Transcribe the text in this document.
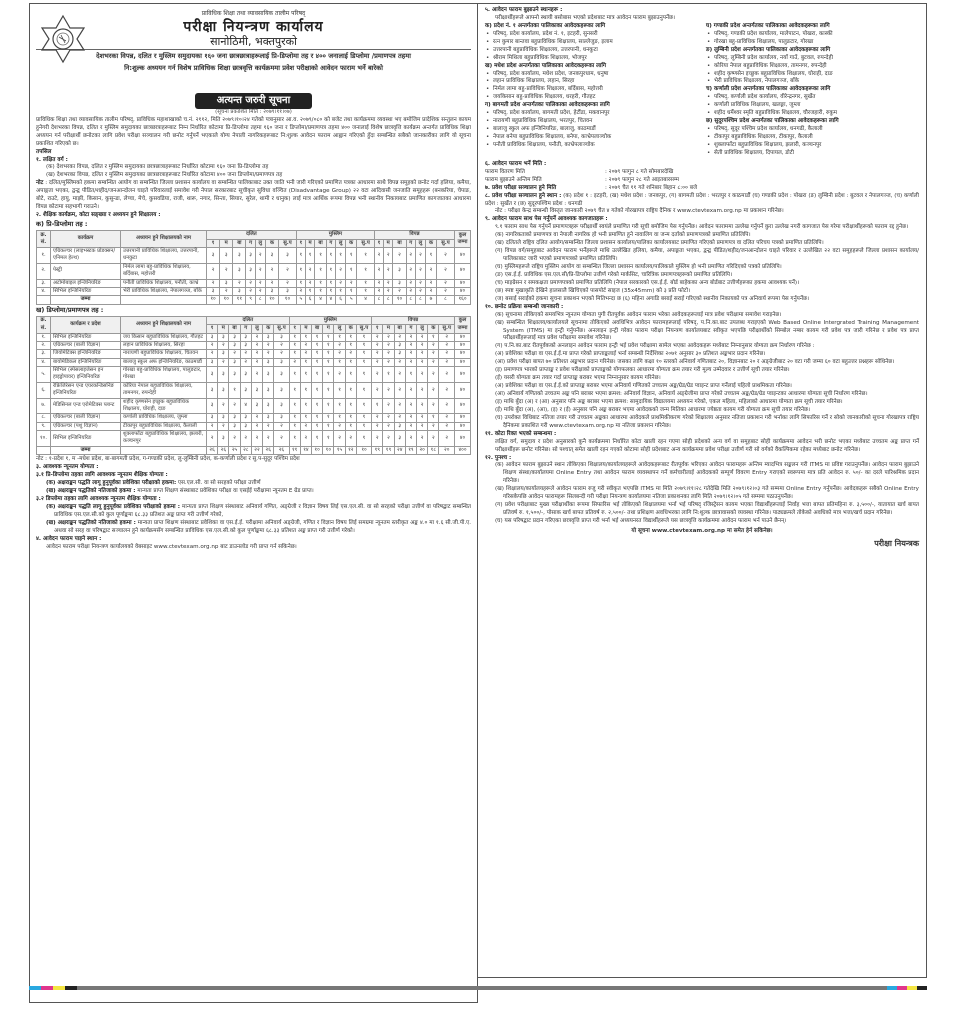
प्राविधिक शिक्षा तथा व्यावसायिक तालीम परिषद्
परीक्षा नियन्त्रण कार्यालय
सानोठिमी, भक्तपुरको
देशभरका विपन्न, दलित र मुस्लिम समुदायका १६० जना छात्रछात्राहरूलाई प्रि-डिप्लोमा तह र ४०० जनालाई डिप्लोमा /प्रमाणपत्र तहमा
नि:शुल्क अध्ययन गर्न विशेष प्राविधिक शिक्षा छात्रवृत्ति कार्यक्रममा प्रवेश परीक्षाको आवेदन फाराम भर्ने बारेको
अत्यन्त जरुरी सूचना
(सूचना प्रकाशित मिति : २०७९।११।०७)

प्राविधिक शिक्षा तथा व्यावसायिक तालीम परिषद्, प्राविधिक महाशाखाको च.नं. २११२, मिति २०७९।१०।२४ गतेको पत्रानुसार आ.व. २०७९/०८० को बजेट तथा कार्यक्रममा व्यवस्था भए बमोजिम प्रादेशिक सन्तुलन कायम हुनेगरी देशभरका विपन्न, दलित र मुस्लिम समुदायका छात्रछात्राहरूबाट निम्न निर्धारित कोटामा प्रि-डिप्लोमा तहमा १६० जना र डिप्लोमा/प्रमाणपत्र तहमा ४०० जनालाई विशेष छात्रवृत्ति कार्यक्रम अन्तर्गत प्राविधिक शिक्षा अध्ययन गर्न परीक्षार्थी छनोटका लागि प्रवेश परीक्षा सञ्चालन गरी छनोट गर्नुपर्ने भएकाले योग्य नेपाली नागरिकहरूबाट नि:शुल्क आवेदन फाराम आह्वान गरिएको हुँदा सम्बन्धित सबैको जानकारीका लागि यो सूचना प्रकाशित गरिएको छ।

तपसिल
१. लक्षित वर्ग :
(क) देशभरका विपन्न, दलित र मुस्लिम समुदायका छात्रछात्राहरूबाट निर्धारित कोटामा १६० जना प्रि-डिप्लोमा तह
(ख) देशभरका विपन्न, दलित र मुस्लिम समुदायका छात्रछात्राहरूबाट निर्धारित कोटामा ४०० जना डिप्लोमा/प्रमाणपत्र तह

नोट : दलित/मुस्लिमको हकमा सम्बन्धित आयोग वा सम्बन्धित जिल्ला प्रशासन कार्यालय वा सम्बन्धित पालिकाबाट उक्त जाति भनी जारी गरिएको प्रमाणित पत्रका आधारमा साथै विपन्न समूहको छनोट गर्दा हलिया, कमैया, अपाङ्गता भएका, द्वन्द्व पीडित/शहीद/जनआन्दोलन घाइते परिवारलाई समावेश गरी नेपाल सरकारबाट सूचीकृत सुविधा वञ्चित (Disadvantage Group) २२ वटा आदिवासी जनजाति समूहहरू (बनकरिया, चेपाङ, बोटे, राउटे, हायु, माझी, किसान, कुसुन्डा, लेप्चा, मेचे, कुसवडिया, राजी, थारू, नगार, सिन्ता, सियार, सुरेल, थामी र धानुक) लाई मात्र आर्थिक रूपमा विपन्न भनी स्थानीय निकायबाट प्रमाणित कागजातका आधारमा विपन्न कोटामा सहभागी गराउने।

२. शैक्षिक कार्यक्रम, कोटा सङ्ख्या र अध्ययन हुने शिक्षालय :
क) प्रि-डिप्लोमा तह :
क्र. सं.	कार्यक्रम	अध्ययन हुने शिक्षालयको नाम	दलित							मुस्लिम							विपन्न							कुल जम्मा
			१	म	बा	ग	लु	क	सु.प	१	म	बा	ग	लु	क	सु.प	१	म	बा	ग	लु	क	सु.प	
१.	एग्रिकल्चर (लाइभस्टक प्रोडक्सन/ एनिमल हेल्थ)	उत्तरपानी प्राविधिक शिक्षालय, उत्तरपानी, धनकुटा	३	३	३	३	२	३	३	१	१	१	१	१	१	१	२	२	२	२	२	१	२	४०
२.	पेस्ट्री	निर्मल लामा बहु-प्राविधिक शिक्षालय, बर्दिबास, महोत्तरी	२	२	३	३	२	२	२	१	२	१	१	२	१	१	२	२	३	२	२	२	२	४०
३.	अटोमोबाइल इन्जिनियरिङ	पनौती प्राविधिक शिक्षालय, पनौती, काभ्रे	२	३	२	२	२	२	२	१	२	१	१	२	२	१	२	२	३	२	२	२	२	४०
४.	सिभिल इन्जिनियरिङ	भेरी प्राविधिक शिक्षालय, नेपालगञ्ज, बाँके	३	२	३	२	२	३	३	२	१	१	१	१	१	१	२	२	२	२	२	२	२	४०
	जम्मा		१०	१०	११	९	८	१०	१०	५	६	४	४	६	५	४	८	८	१०	८	८	७	८	१६०
ख) डिप्लोमा/प्रमाणपत्र तह :
क्र. सं.	कार्यक्रम र प्रदेश	अध्ययन हुने शिक्षालयको नाम	दलित							मुस्लिम							विपन्न							कुल जम्मा
			१	म	बा	ग	लु	क	सु.प	१	म	बा	ग	लु	क	सु.प	१	म	बा	ग	लु	क	सु.प	
१.	सिभिल इन्जिनियरिङ	जय किसान बहुप्राविधिक शिक्षालय, गौतहट	३	३	३	३	२	३	३	१	१	१	१	१	१	१	२	२	२	२	२	१	२	४०
२.	एग्रिकल्चर (बाली विज्ञान)	लहान प्राविधिक शिक्षालय, सिरहा	२	२	३	३	२	२	२	१	२	१	१	२	१	१	२	२	३	२	२	२	२	४०
३.	जियोमेटिक्स इन्जिनियरिङ	नारायणी बहुप्राविधिक शिक्षालय, चितवन	२	३	२	२	२	२	२	१	२	१	१	२	२	१	२	२	३	२	२	२	२	४०
४.	बायोमेडिकल इन्जिनियरिङ	बालाजु स्कुल अफ इन्जिनियरिङ, काठमाडौं	३	२	३	२	२	३	३	२	१	१	१	१	१	१	२	२	२	२	२	२	२	४०
५.	सिभिल (स्पेसलाइजेसन इन हाइड्रोपावर) इन्जिनियरिङ	गोरखा बहु-प्राविधिक शिक्षालय, पालुङटार, गोरखा	३	३	३	३	२	३	३	१	१	१	१	२	१	१	२	१	२	१	२	२	२	४०
६.	रेफ्रिजिरेसन एन्ड एयरकन्डिसनिङ इन्जिनियरिङ	कोरिया नेपाल बहुप्राविधिक शिक्षालय, तामनगर, रुपन्देही	३	३	१	३	३	३	३	१	१	१	१	१	१	१	२	२	२	२	२	२	२	४०
७.	मेडिसिनल एन्ड एरोमेटिक्स प्लान्ट	शहीद कृष्णसेन इच्छुक बहुप्राविधिक शिक्षालय, घोराही, दाङ	३	२	२	४	३	३	३	१	१	१	१	१	१	१	१	२	२	२	२	२	२	४०
८.	एग्रिकल्चर (बाली विज्ञान)	कर्णाली प्राविधिक शिक्षालय, जुम्ला	३	३	३	३	२	३	३	१	१	१	१	१	१	१	२	२	२	२	२	१	२	४०
९.	एग्रिकल्चर (पशु विज्ञान)	टीकापुर बहुप्राविधिक शिक्षालय, कैलाली	२	२	३	३	२	२	२	१	२	१	१	२	१	१	२	२	३	२	२	२	२	४०
१०.	सिभिल इन्जिनियरिङ	शुक्लाफाँटा बहुप्राविधिक शिक्षालय, झलारी, कञ्चनपुर	२	३	२	२	२	२	२	१	२	१	१	२	२	१	२	२	३	२	२	२	२	४०
	जम्मा		२६	२६	२५	२८	२२	२६	२६	११	१४	१०	१०	१५	१२	१०	१९	१९	२४	१९	२०	१८	२०	४००
नोट : १-प्रदेश १, म -मधेश प्रदेश, बा-बागमती प्रदेश, ग-गण्डकी प्रदेश, लु-लुम्बिनी प्रदेश, क-कर्णाली प्रदेश र सु.प-सुदूर पश्चिम प्रदेश
३. आवश्यक न्यूनतम योग्यता :
३.१ प्रि-डिप्लोमा तहका लागि आवश्यक न्यूनतम शैक्षिक योग्यता :
(क) अक्षराङ्कन पद्धति लागू हुनुपूर्वका प्रवेशिका परीक्षाको हकमा: एस.एल.सी. वा सो सरहको परीक्षा उत्तीर्ण
(ख) अक्षराङ्कन पद्धतिको नतिजाको हकमा : मान्यता प्राप्त शिक्षण संस्थाबाट प्रवेशिका परीक्षा वा एसईई परीक्षामा न्यूनतम E ग्रेड प्राप्त।
३.२ डिप्लोमा तहका लागि आवश्यक न्यूनतम शैक्षिक योग्यता :

(क) अक्षराङ्कन पद्धति लागू हुनुपूर्वका प्रवेशिका परीक्षाको हकमा : मान्यता प्राप्त शिक्षण संस्थाबाट अनिवार्य गणित, अङ्ग्रेजी र विज्ञान विषय लिई एस.एल.सी. वा सो सरहको परीक्षा उत्तीर्ण वा परिषद्बाट सम्बन्धित प्राविधिक एस.एल.सी.को कुल पूर्णाङ्कमा ६८.३३ प्रतिशत अङ्क प्राप्त गरी उत्तीर्ण गरेको,

(ख) अक्षराङ्कन पद्धतिको नतिजाको हकमा : मान्यता प्राप्त शिक्षण संस्थाबाट प्रवेशिका वा एस.ई.ई. परीक्षामा अनिवार्य अङ्ग्रेजी, गणित र विज्ञान विषय लिई समग्रमा न्यूनतम स्तरीकृत अङ्क ४.० मा १.६ सी.जी.पी.ए. अथवा सो सरह वा परिषद्बाट सञ्चालन हुने कार्यक्रमसँग सम्बन्धित प्राविधिक एस.एल.सी.को कुल पूर्णाङ्कमा ६८.३३ प्रतिशत अङ्क प्राप्त गरी उत्तीर्ण गरेको।

४. आवेदन फाराम पाइने स्थान :
आवेदन फाराम परीक्षा नियन्त्रण कार्यालयको वेबसाइट www.ctevtexam.org.np बाट डाउनलोड गरी प्राप्त गर्न सकिनेछ।
५. आवेदन फाराम बुझाउने स्थानहरू :
परीक्षार्थीहरूले आफ्नो स्थायी बसोबास भएको प्रदेशबाट मात्र आवेदन फाराम बुझाउनुपर्नेछ।
क) प्रदेश नं. १ अन्तर्गतका पालिकाका आवेदकहरूका लागि
• परिषद्, प्रदेश कार्यालय, प्रदेश नं. १, इटहरी, सुनसरी
• रत्न कुमार बान्तवा बहुप्राविधिक शिक्षालय, साल्लेजुङ, इलाम
• उत्तरपानी बहुप्राविधिक शिक्षालय, उत्तरपानी, धनकुटा
• श्रीराम मिथिला बहुप्राविधिक शिक्षालय, भोजपुर
ख) मधेश प्रदेश अन्तर्गतका पालिकाका आवेदकहरूका लागि
• परिषद्, प्रदेश कार्यालय, मधेश प्रदेश, जनकपुरधाम, धनुषा
• लहान प्राविधिक शिक्षालय, लहान, सिरहा
• निर्मल लामा बहु-प्राविधिक शिक्षालय, बर्दिबास, महोत्तरी
• जयकिसान बहु-प्राविधिक शिक्षालय, धरहरी, गौतहट
ग) बागमती प्रदेश अन्तर्गतका पालिकाका आवेदकहरूका लागि
• परिषद्, प्रदेश कार्यालय, बागमती प्रदेश, हेटौंडा, मकवानपुर
• नारायणी बहुप्राविधिक शिक्षालय, भरतपुर, चितवन
• बालाजु स्कुल अफ इन्जिनियरिङ, बालाजु, काठमाडौं
• नेपाल बनेपा बहुप्राविधिक शिक्षालय, बनेपा, काभ्रेपलाञ्चोक
• पनौती प्राविधिक शिक्षालय, पनौती, काभ्रेपलाञ्चोक
घ) गण्डकी प्रदेश अन्तर्गतका पालिकाका आवेदकहरूका लागि
• परिषद्, गण्डकी प्रदेश कार्यालय, मालेपाटन, पोखरा, कास्की
• गोरखा बहु-प्राविधिक शिक्षालय, पालुङटार, गोरखा
ङ) लुम्बिनी प्रदेश अन्तर्गतका पालिकाका आवेदकहरूका लागि
• परिषद्, लुम्बिनी प्रदेश कार्यालय, नयाँ गाउँ, बुटवल, रुपन्देही
• कोरिया नेपाल बहुप्राविधिक शिक्षालय, तामनगर, रुपन्देही
• शहीद कृष्णसेन इच्छुक बहुप्राविधिक शिक्षालय, घोराही, दाङ
• भेरी प्राविधिक शिक्षालय, नेपालगञ्ज, बाँके
च) कर्णाली प्रदेश अन्तर्गतका पालिकाका आवेदकहरूका लागि
• परिषद्, कर्णाली प्रदेश कार्यालय, वीरेन्द्रनगर, सुर्खेत
• कर्णाली प्राविधिक शिक्षालय, खलङ्गा, जुम्ला
• शहीद धर्मेश्वर स्मृति बहुप्राविधिक शिक्षालय, चौरजहारी, रुकुम
छ) सुदूरपश्चिम प्रदेश अन्तर्गतका पालिकाका आवेदकहरूका लागि
• परिषद्, सुदूर पश्चिम प्रदेश कार्यालय, धनगढी, कैलाली
• टीकापुर बहुप्राविधिक शिक्षालय, टीकापुर, कैलाली
• शुक्लाफाँटा बहुप्राविधिक शिक्षालय, झलारी, कञ्चनपुर
• सेती प्राविधिक शिक्षालय, दिपायल, डोटी
६. आवेदन फाराम भर्ने मिति :
फाराम वितरण मिति	: २०७९ फागुन ८ गते सोमबारदेखि
फाराम बुझाउने अन्तिम मिति	: २०७९ फागुन २८ गते आइतबारसम्म
७. प्रवेश परीक्षा सञ्चालन हुने मिति	: २०७९ चैत ११ गते शनिबार बिहान ८:०० बजे

८. प्रवेश परीक्षा सञ्चालन हुने स्थान : (क) प्रदेश १ : इटहरी, (ख) मधेश प्रदेश : जनकपुर, (ग) बागमती प्रदेश : भरतपुर र काठमाडौं (घ) गण्डकी प्रदेश : पोखरा (ङ) लुम्बिनी प्रदेश : बुटवल र नेपालगञ्ज, (च) कर्णाली प्रदेश : सुर्खेत र (छ) सुदूरपश्चिम प्रदेश : धनगढी

नोट : परीक्षा केन्द्र सम्बन्धी विस्तृत जानकारी २०७९ चैत ४ गतेको गोरखापत्र राष्ट्रिय दैनिक र www.ctevtexam.org.np मा प्रकाशन गरिनेछ।

९. आवेदन फाराम साथ पेस गर्नुपर्ने आवश्यक कागजातहरू :

९.१ फाराम साथ पेस गर्नुपर्ने प्रमाणपत्रहरू परीक्षार्थी स्वयंले प्रमाणित गरी सूची बमोजिम पेस गर्नुपर्नेछ। आवेदन फाराममा उल्लेख गर्नुपर्ने कुरा उल्लेख नगरी कागजात पेस गरेमा परीक्षार्थीहरूको फाराम रद्द हुनेछ।

(क) नागरिकताको प्रमाणपत्र वा नेपाली नागरिक हो भनी प्रमाणित हुने नावालिग वा जन्म दर्ताको प्रमाणपत्रको प्रमाणित प्रतिलिपि।

(ख) दलितले राष्ट्रिय दलित आयोग/सम्बन्धित जिल्ला प्रशासन कार्यालय/पालिका कार्यालयबाट प्रमाणित गरिएको प्रमाणपत्र वा दलित परिचय पत्रको प्रमाणित प्रतिलिपि।

(ग) विपन्न वर्ग/समूहबाट आवेदन फाराम भर्नेहरूले माथि उल्लेखित हलिया, कमैया, अपाङ्गता भएका, द्वन्द्व पीडित/शहीद/जनआन्दोलन घाइते परिवार र उल्लेखित २२ वटा समूहहरूले जिल्ला प्रशासन कार्यालय/पालिकाबाट जारी भएको प्रमाणपत्रको प्रमाणित प्रतिलिपि।

(घ) मुस्लिमहरूले राष्ट्रिय मुस्लिम आयोग वा सम्बन्धित जिल्ला प्रशासन कार्यालय/पालिकाले मुस्लिम हो भनी प्रमाणित गरिदिएको पत्रको प्रतिलिपि।

(ङ) एस.ई.ई. प्राविधिक एस.एल.सी/प्रि-डिप्लोमा उत्तीर्ण गरेको मार्कसिट, चारित्रिक प्रमाणपत्रहरूको प्रमाणित प्रतिलिपि।

(च) माइग्रेसन र समकक्षता प्रमाणपत्रको प्रमाणित प्रतिलिपि (नेपाल सरकारको एस.ई.ई. बोर्ड बाहेकका अन्य बोर्डबाट उत्तीर्णहरूका हकमा आवश्यक पर्ने)।

(छ) स्पष्ट मुखाकृति देखिने हालसालै खिचिएको पासपोर्ट साइज (35x45mm) को ३ प्रति फोटो।

(ज) बसाई सराईको हकमा सूचना प्रकाशन भएको मितिभन्दा छ (६) महिना अगाडि बसाई सराई गरिएको स्थानीय निकायको पत्र अनिवार्य रूपमा पेस गर्नुपर्नेछ।

१०. छनोट प्रक्रिया सम्बन्धी जानकारी :

(क) सूचनामा तोकिएको समयभित्र न्यूनतम योग्यता पुगी रीतपूर्वक आवेदन फाराम भरेका आवेदकहरूलाई मात्र प्रवेश परीक्षामा समावेश गराइनेछ।

(ख) सम्बन्धित शिक्षालय/कार्यालयले सूचनामा तोकिएको अवधिभित्र आवेदन फारामहरूलाई परिषद्, प.नि.का.बाट उपलब्ध गराइएको Web Based Online Intergrated Training Management System (ITMS) मा इन्ट्री गर्नुपर्नेछ। अनलाइन इन्ट्री गरेका फाराम परीक्षा नियन्त्रण कार्यालयबाट स्वीकृत भएपछि परीक्षार्थीको सिम्बोल नम्बर कायम गरी प्रवेश पत्र जारी गरिनेछ र प्रवेश पत्र प्राप्त परीक्षार्थीहरूलाई मात्र प्रवेश परीक्षामा समावेश गरिनेछ।

(ग) प.नि.का.बाट रीतपूर्वकको अनलाइन आवेदन फाराम इन्ट्री भई प्रवेश परीक्षामा सामेल भएका आवेदकहरू मध्येबाट निम्नानुसार योग्यता क्रम निर्धारण गरिनेछ :

(अ) प्रवेशिका परीक्षा वा एस.ई.ई.मा प्राप्त गरेको प्राप्ताङ्कलाई भर्ना सम्बन्धी निर्देशिका २०७१ अनुसार ३० प्रतिशत अङ्कभार प्रदान गरिनेछ।

(आ) प्रवेश परीक्षा बापत ७० प्रतिशत अङ्कभार प्रदान गरिनेछ। जसका लागि कक्षा १० स्तरको अनिवार्य गणितबाट २०, विज्ञानबाट २० र अङ्ग्रेजीबाट २० वटा गरी जम्मा ६० वटा बहुउत्तर प्रश्नहरू सोधिनेछ।

(इ) प्रमाणपत्र भारको प्राप्ताङ्क र प्रवेश परीक्षाको प्राप्ताङ्कको योगफलका आधारमा योग्यता क्रम तयार गरी मूल्य उम्मेदवार र उत्तीर्ण सूची तयार गरिनेछ।

(ई) यसरी योग्यता क्रम तयार गर्दा प्राप्ताङ्क बराबर भएमा निम्नानुसार कायम गरिनेछ।

(अ) प्रवेशिका परीक्षा वा एस.ई.ई.को प्राप्ताङ्क बराबर भएमा अनिवार्य गणितको उच्चतम अङ्क/ग्रेड/ग्रेड प्वाइन्ट प्राप्त गर्नेलाई पहिलो प्राथमिकता गरिनेछ।

(आ) अनिवार्य गणितको उच्चतम अङ्क पनि बराबर भएमा क्रमश: अनिवार्य विज्ञान, अनिवार्य अङ्ग्रेजीमा प्राप्त गरेको उच्चतम अङ्क/ग्रेड/ग्रेड प्वाइन्टका आधारमा योग्यता सूची निर्धारण गरिनेछ।

(इ) माथि बुँदा (अ) र (आ) अनुसार पनि अङ्क बराबर भएमा क्रमश: सामुदायिक विद्यालयमा अध्ययन गरेको, एकल महिला, महिलाको आधारमा योग्यता क्रम सूची तयार गरिनेछ।

(ई) माथि बुँदा (अ), (आ), (इ) र (ई) अनुसार पनि अङ्क बराबर भएमा आवेदकको जन्म मितिका आधारमा ज्येष्ठता कायम गरी योग्यता क्रम सूची तयार गरिनेछ।

(घ) उपरोक्त विधिबाट नतिजा तयार गरी उच्चतम अङ्कका आधारमा आवेदकले प्राथमिकीकरण गरेको शिक्षालय अनुसार नतिजा प्रकाशन गरी भर्नाका लागि सिफारिस गर्ने र सोको जानकारीको सूचना गोरखापत्र राष्ट्रिय दैनिकमा प्रकाशित गरी www.ctevtexam.org.np मा नतिजा प्रकाशन गरिनेछ।

११. कोटा रिक्त भएको सम्बन्धमा :

लक्षित वर्ग, समुदाय र प्रदेश अनुसारको कुनै कार्यक्रममा निर्धारित कोटा खाली रहन गएमा सोही प्रदेशको अन्य वर्ग वा समूहबाट सोही कार्यक्रममा आवेदन भरी छनोट भएका मध्येबाट उच्चतम अङ्क प्राप्त गर्ने परीक्षार्थीहरू छनोट गरिनेछ। सो पश्चात् समेत खाली रहन गएको कोटामा सोही प्रदेशबाट अन्य कार्यक्रममा प्रवेश परीक्षा उत्तीर्ण गरी सो वर्गको वैकल्पिकमा रहेका मध्येबाट छनोट गरिनेछ।

१२. पुनश्च :

(क) आवेदन फाराम बुझाउने स्थान तोकिएका शिक्षालय/कार्यालयहरूले आवेदकहरूबाट रीतपूर्वक भरिएका आवेदन फारामहरू अन्तिम म्यादभित्र सङ्कलन गरी ITMS मा प्रविष्ट गराउनुपर्नेछ। आवेदन फाराम बुझाउने शिक्षण संस्था/कार्यालयमा Online Entry तथा आवेदन फाराम व्यवस्थापन गर्ने कर्मचारीलाई आवेदकको सम्पूर्ण विवरण Entry गराएको स्वरूपमा मात्र प्रति आवेदन रु. ५०/- का दरले पारिश्रमिक प्रदान गरिनेछ।

(ख) शिक्षालय/कार्यालयहरूले आवेदन फाराम रुजु गरी स्वीकृत भएपछि ITMS मा मिति २०७९।११।२८ गतेदेखि मिति २०७९।१२।०३ गते सम्ममा Online Entry गर्नुपर्नेछ। आवेदकहरू सबैको Online Entry गरिसकेपछि आवेदन फारामहरू सिलबन्दी गरी परीक्षा नियन्त्रण कार्यालयमा नतिजा प्रकाशनका लागि मिति २०७९।१२।०५ गते सम्ममा पठाउनुपर्नेछ।

(ग) प्रवेश परीक्षाबाट मुख्य परीक्षार्थीका रूपमा सिफारिस भई तोकिएको शिक्षालयमा भर्ना भई परिषद् रजिस्ट्रेसन कायम भएका विद्यार्थीहरूलाई निर्वाह भत्ता बापत प्रतिमहिना रु. ३,५००/-, यातायात खर्च बापत प्रतिवर्ष रु. १,५००/-, पोसाक खर्च बापत प्रतिवर्ष रु. २,५००/- तथा प्रशिक्षण अवधिभरका लागि नि:शुल्क छात्रावासको व्यवस्था गरिनेछ। पाठ्यक्रमले तोकेको अवधिको मात्र भत्ता/खर्च प्रदान गरिनेछ।

(घ) यस परिषद्बाट प्रदान गरिएका छात्रवृत्ति प्राप्त गरी भर्ना भई अध्ययनरत विद्यार्थीहरूले यस छात्रवृत्ति कार्यक्रममा आवेदन फाराम भर्न पाउने छैनन्।

यो सूचना www.ctevtexam.org.np मा समेत हेर्न सकिनेछ।
परीक्षा नियन्त्रक
